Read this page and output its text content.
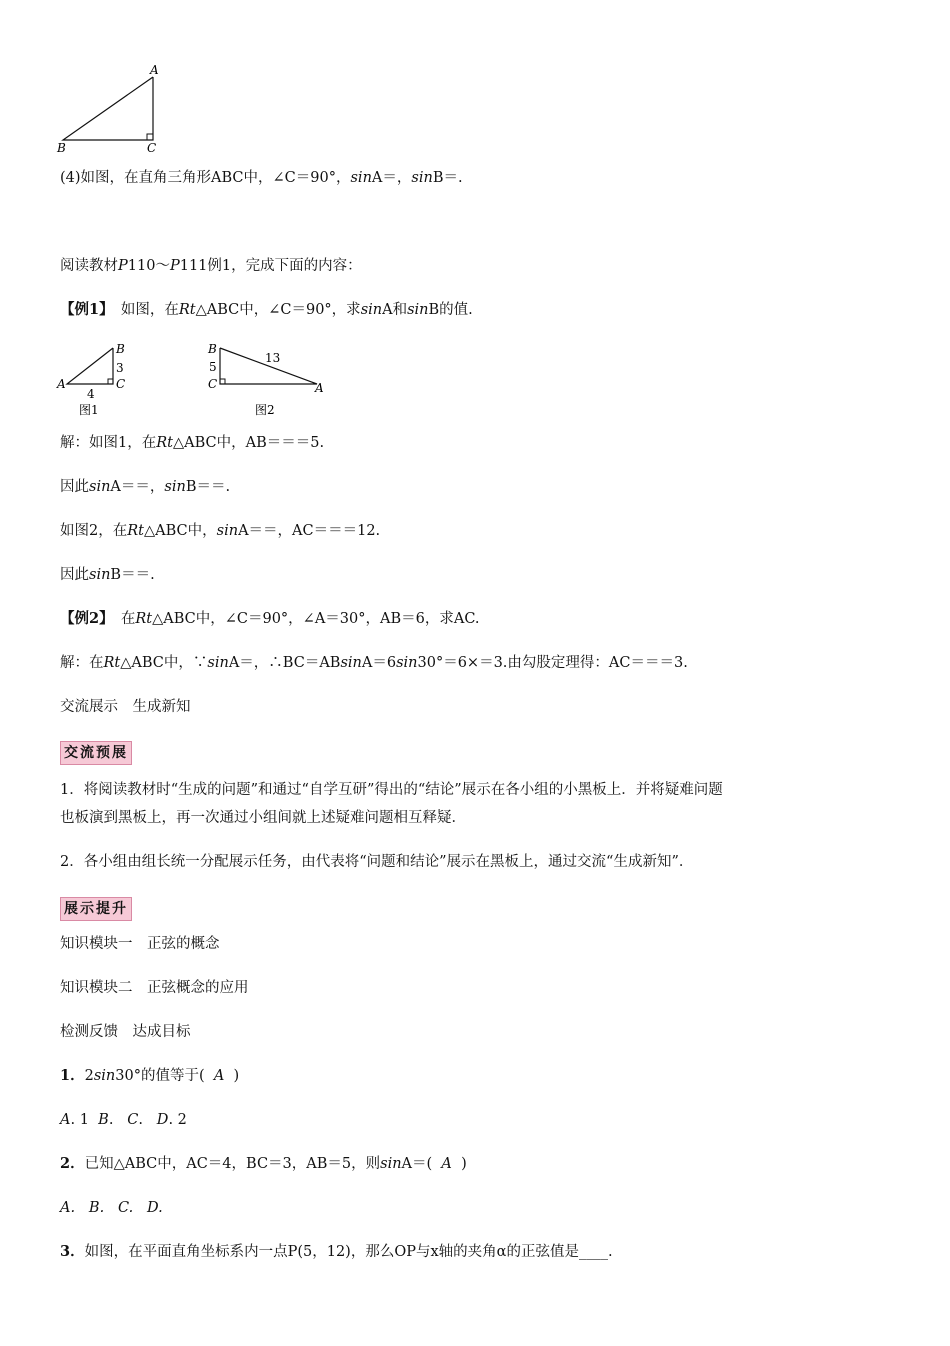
A
B	C
(4)如图，在直角三角形ABC中，∠C＝90°，sinA＝，sinB＝.
阅读教材P110～P111例1，完成下面的内容：
【例1】　如图，在Rt△ABC中，∠C＝90°，求sinA和sinB的值.
B
3
C
A
4
图1
B
13
5
C	A
图2
解：如图1，在Rt△ABC中，AB＝＝＝5.
因此sinA＝＝，sinB＝＝.
如图2，在Rt△ABC中，sinA＝＝，AC＝＝＝12.
因此sinB＝＝.
【例2】　在Rt△ABC中，∠C＝90°，∠A＝30°，AB＝6，求AC.
解：在Rt△ABC中，∵sinA＝，∴BC＝ABsinA＝6sin30°＝6×＝3.由勾股定理得：AC＝＝＝3.
交流展示　生成新知
交流预展
1．将阅读教材时“生成的问题”和通过“自学互研”得出的“结论”展示在各小组的小黑板上．并将疑难问题
也板演到黑板上，再一次通过小组间就上述疑难问题相互释疑．
2．各小组由组长统一分配展示任务，由代表将“问题和结论”展示在黑板上，通过交流“生成新知”．
展示提升
知识模块一　正弦的概念
知识模块二　正弦概念的应用
检测反馈　达成目标
1．2sin30°的值等于( A )
A. 1 B. C. D. 2
2．已知△ABC中，AC＝4，BC＝3，AB＝5，则sinA＝( A )
A. B. C. D.
3．如图，在平面直角坐标系内一点P(5，12)，那么OP与x轴的夹角α的正弦值是____.
